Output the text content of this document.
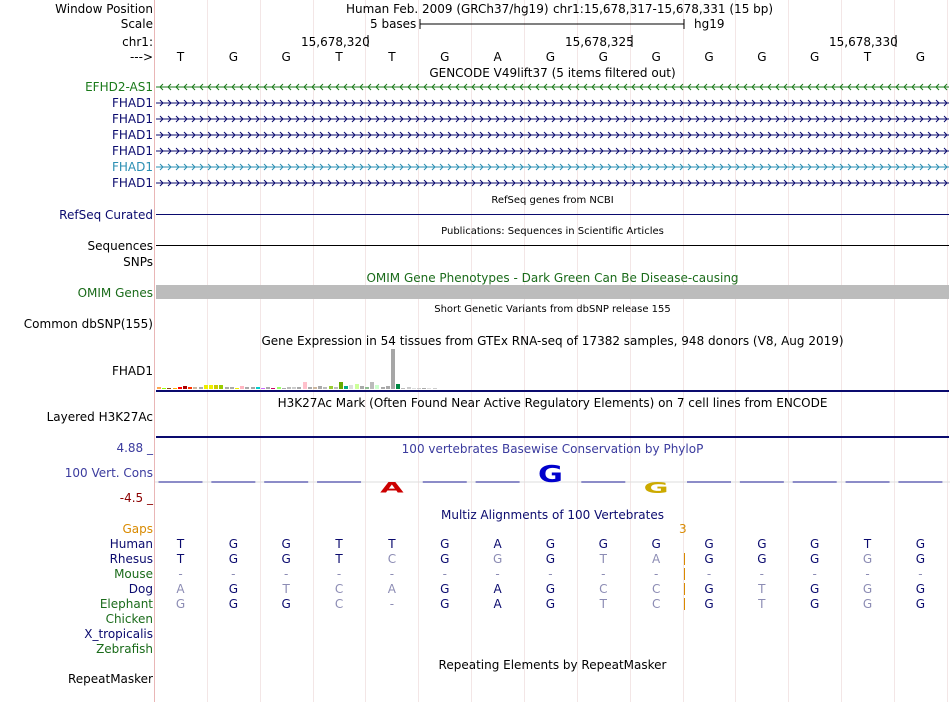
Window Position	Human Feb. 2009 (GRCh37/hg19) chr1:15,678,317-15,678,331 (15 bp)
Scale	5 bases	hg19
chr1:	15,678,320	15,678,325	15,678,330
--->	T	G	G	T	T	G	A	G	G	G	G	G	G	T	G
GENCODE V49lift37 (5 items filtered out)
EFHD2-AS1
FHAD1
FHAD1
FHAD1
FHAD1
FHAD1
FHAD1
RefSeq genes from NCBI
RefSeq Curated
Publications: Sequences in Scientific Articles
Sequences
SNPs
OMIM Gene Phenotypes - Dark Green Can Be Disease-causing
OMIM Genes
Short Genetic Variants from dbSNP release 155
Common dbSNP(155)
Gene Expression in 54 tissues from GTEx RNA-seq of 17382 samples, 948 donors (V8, Aug 2019)
FHAD1
H3K27Ac Mark (Often Found Near Active Regulatory Elements) on 7 cell lines from ENCODE
Layered H3K27Ac
100 vertebrates Basewise Conservation by PhyloP
4.88 _
100 Vert. Cons
-4.5 _
A	G
G
Multiz Alignments of 100 Vertebrates
Gaps	3
Human	T	G	G	T	T	G	A	G	G	G	G	G	G	T	G
Rhesus	T	G	G	T	C	G	G	G	T	A	G	G	G	G	G
Mouse	-	-	-	-	-	-	-	-	-	-	-	-	-	-	-
Dog	A	G	T	C	A	G	A	G	C	C	G	T	G	G	G
Elephant	G	G	G	C	-	G	A	G	T	C	G	T	G	G	G
Chicken
X_tropicalis
Zebrafish
Repeating Elements by RepeatMasker
RepeatMasker
